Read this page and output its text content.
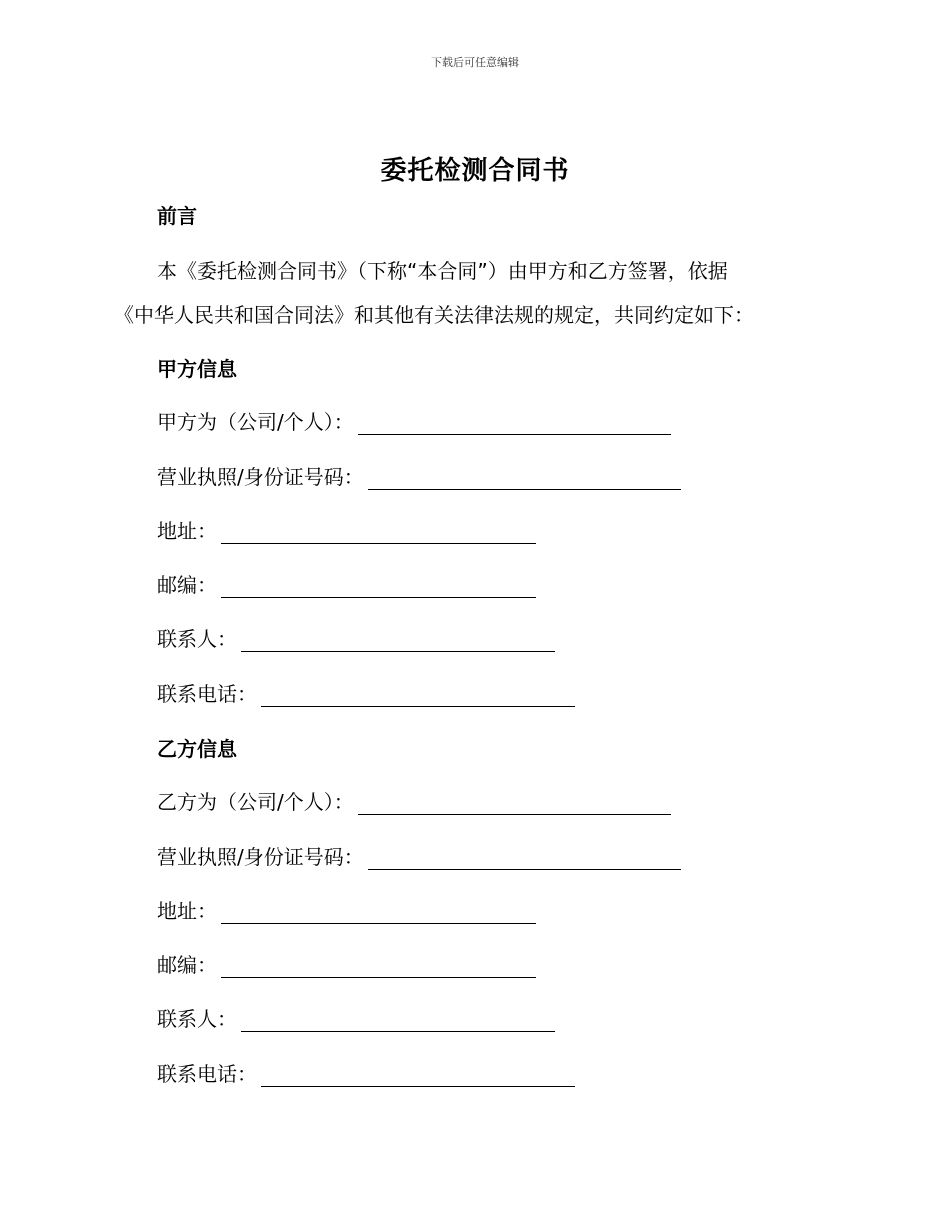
下载后可任意编辑
委托检测合同书
前言
本《委托检测合同书》（下称“本合同”）由甲方和乙方签署，依据
《中华人民共和国合同法》和其他有关法律法规的规定，共同约定如下：
甲方信息
甲方为（公司/个人）：
营业执照/身份证号码：
地址：
邮编：
联系人：
联系电话：
乙方信息
乙方为（公司/个人）：
营业执照/身份证号码：
地址：
邮编：
联系人：
联系电话：
